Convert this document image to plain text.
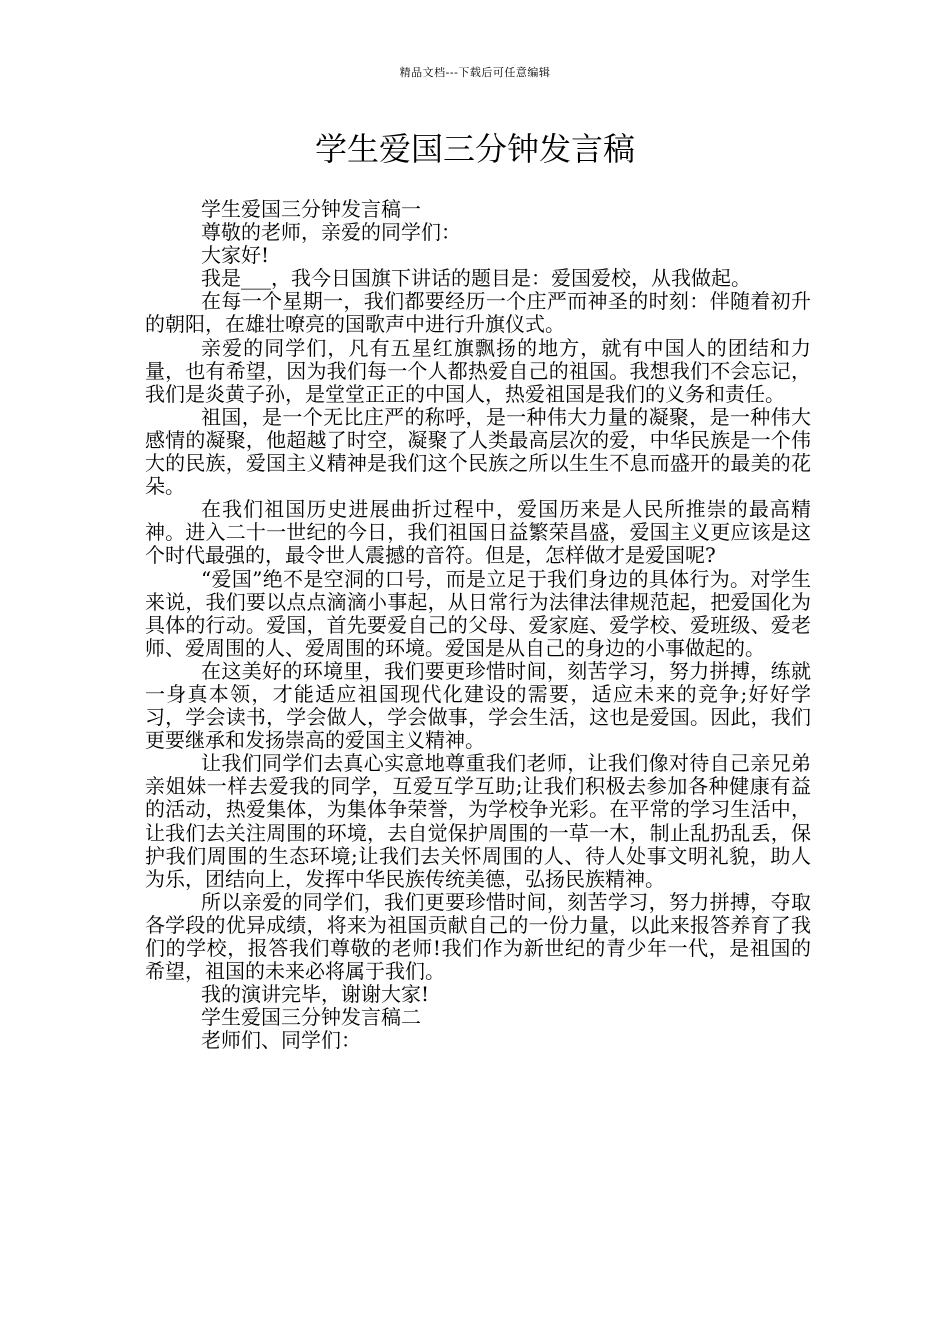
精品文档---下载后可任意编辑
学生爱国三分钟发言稿

学生爱国三分钟发言稿一

尊敬的老师，亲爱的同学们：

大家好!

我是___，我今日国旗下讲话的题目是：爱国爱校，从我做起。

在每一个星期一，我们都要经历一个庄严而神圣的时刻：伴随着初升的朝阳，在雄壮嘹亮的国歌声中进行升旗仪式。

亲爱的同学们，凡有五星红旗飘扬的地方，就有中国人的团结和力量，也有希望，因为我们每一个人都热爱自己的祖国。我想我们不会忘记，我们是炎黄子孙，是堂堂正正的中国人，热爱祖国是我们的义务和责任。

祖国，是一个无比庄严的称呼，是一种伟大力量的凝聚，是一种伟大感情的凝聚，他超越了时空，凝聚了人类最高层次的爱，中华民族是一个伟大的民族，爱国主义精神是我们这个民族之所以生生不息而盛开的最美的花朵。

在我们祖国历史进展曲折过程中，爱国历来是人民所推崇的最高精神。进入二十一世纪的今日，我们祖国日益繁荣昌盛，爱国主义更应该是这个时代最强的，最令世人震撼的音符。但是，怎样做才是爱国呢?

“爱国”绝不是空洞的口号，而是立足于我们身边的具体行为。对学生来说，我们要以点点滴滴小事起，从日常行为法律法律规范起，把爱国化为具体的行动。爱国，首先要爱自己的父母、爱家庭、爱学校、爱班级、爱老师、爱周围的人、爱周围的环境。爱国是从自己的身边的小事做起的。

在这美好的环境里，我们要更珍惜时间，刻苦学习，努力拼搏，练就一身真本领，才能适应祖国现代化建设的需要，适应未来的竞争;好好学习，学会读书，学会做人，学会做事，学会生活，这也是爱国。因此，我们更要继承和发扬崇高的爱国主义精神。

让我们同学们去真心实意地尊重我们老师，让我们像对待自己亲兄弟亲姐妹一样去爱我的同学，互爱互学互助;让我们积极去参加各种健康有益的活动，热爱集体，为集体争荣誉，为学校争光彩。在平常的学习生活中，让我们去关注周围的环境，去自觉保护周围的一草一木，制止乱扔乱丢，保护我们周围的生态环境;让我们去关怀周围的人、待人处事文明礼貌，助人为乐，团结向上，发挥中华民族传统美德，弘扬民族精神。

所以亲爱的同学们，我们更要珍惜时间，刻苦学习，努力拼搏，夺取各学段的优异成绩，将来为祖国贡献自己的一份力量，以此来报答养育了我们的学校，报答我们尊敬的老师!我们作为新世纪的青少年一代，是祖国的希望，祖国的未来必将属于我们。

我的演讲完毕，谢谢大家!

学生爱国三分钟发言稿二

老师们、同学们：
